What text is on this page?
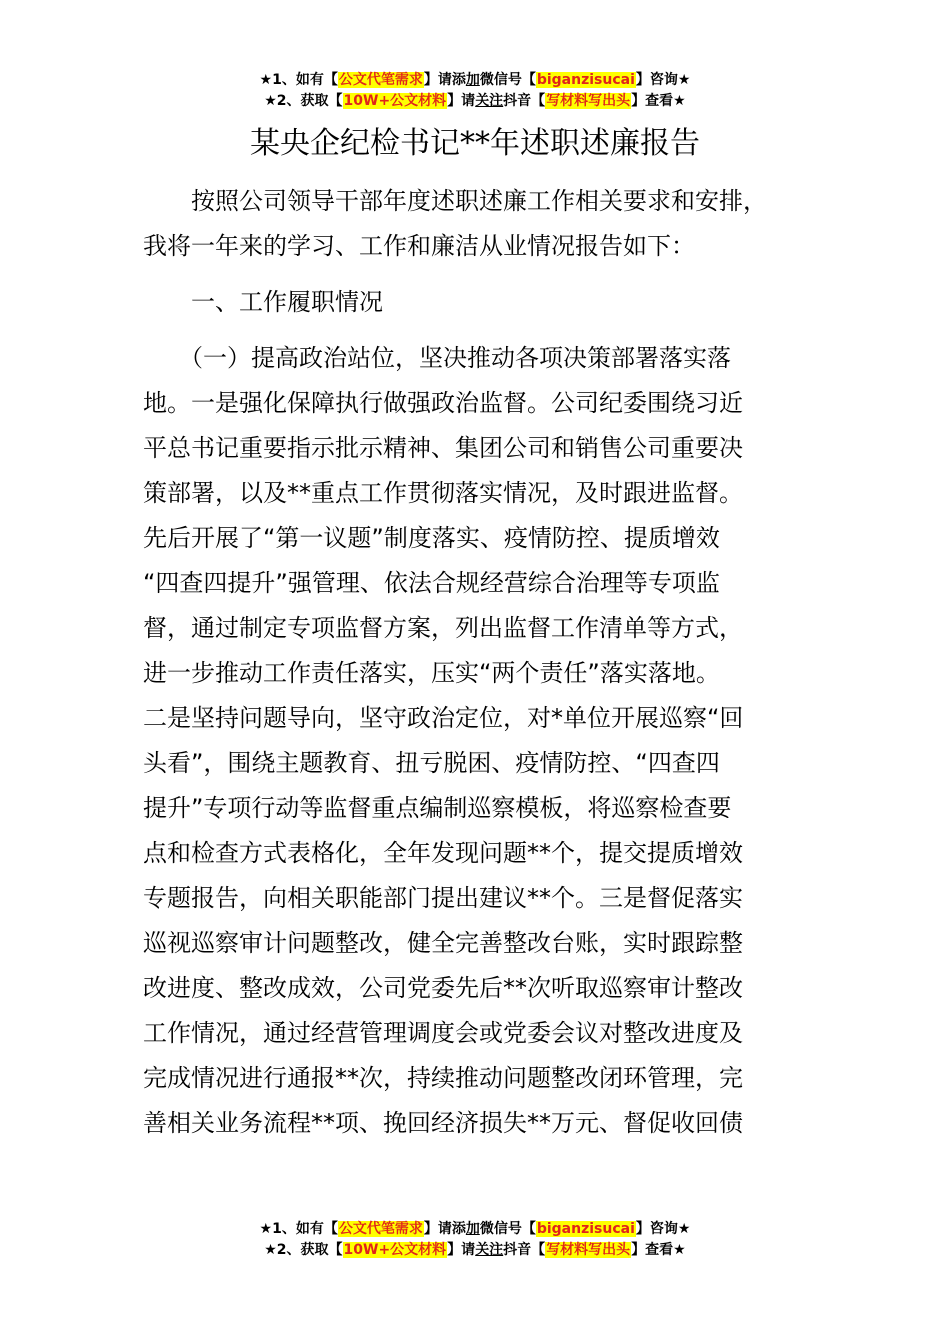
★1、如有【公文代笔需求】请添加微信号【biganzisucai】咨询★
★2、获取【10W+公文材料】请关注抖音【写材料写出头】查看★
某央企纪检书记**年述职述廉报告
　　按照公司领导干部年度述职述廉工作相关要求和安排，
我将一年来的学习、工作和廉洁从业情况报告如下：
　　一、工作履职情况
　　（一）提高政治站位，坚决推动各项决策部署落实落
地。一是强化保障执行做强政治监督。公司纪委围绕习近
平总书记重要指示批示精神、集团公司和销售公司重要决
策部署，以及**重点工作贯彻落实情况，及时跟进监督。
先后开展了“第一议题”制度落实、疫情防控、提质增效
“四查四提升”强管理、依法合规经营综合治理等专项监
督，通过制定专项监督方案，列出监督工作清单等方式，
进一步推动工作责任落实，压实“两个责任”落实落地。
二是坚持问题导向，坚守政治定位，对*单位开展巡察“回
头看”，围绕主题教育、扭亏脱困、疫情防控、“四查四
提升”专项行动等监督重点编制巡察模板，将巡察检查要
点和检查方式表格化，全年发现问题**个，提交提质增效
专题报告，向相关职能部门提出建议**个。三是督促落实
巡视巡察审计问题整改，健全完善整改台账，实时跟踪整
改进度、整改成效，公司党委先后**次听取巡察审计整改
工作情况，通过经营管理调度会或党委会议对整改进度及
完成情况进行通报**次，持续推动问题整改闭环管理，完
善相关业务流程**项、挽回经济损失**万元、督促收回债
★1、如有【公文代笔需求】请添加微信号【biganzisucai】咨询★
★2、获取【10W+公文材料】请关注抖音【写材料写出头】查看★
